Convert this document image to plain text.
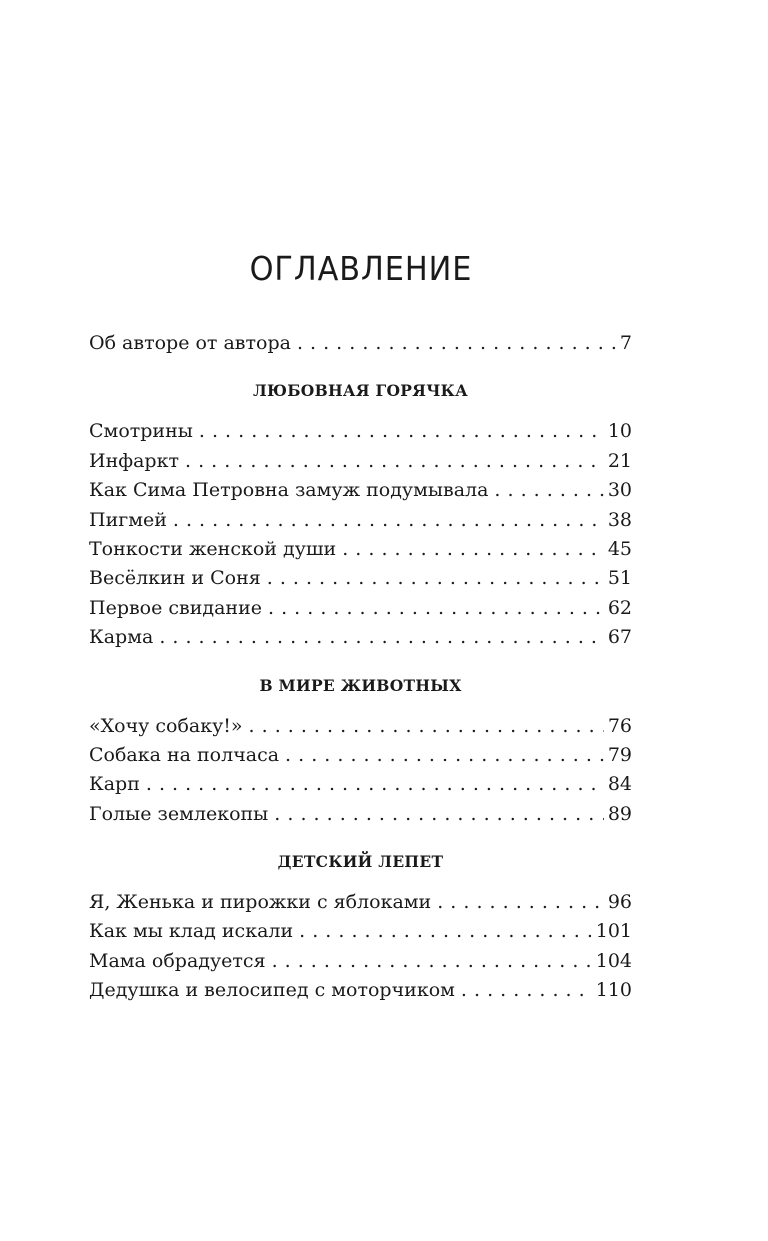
ОГЛАВЛЕНИЕ
Об авторе от автора . . .	7
ЛЮБОВНАЯ ГОРЯЧКА
Смотрины . . .	10
Инфаркт . . .	21
Как Сима Петровна замуж подумывала . . .	30
Пигмей . . .	38
Тонкости женской души . . .	45
Весёлкин и Соня . . .	51
Первое свидание . . .	62
Карма . . .	67
В МИРЕ ЖИВОТНЫХ
«Хочу собаку!» . . .	76
Собака на полчаса . . .	79
Карп . . .	84
Голые землекопы . . .	89
ДЕТСКИЙ ЛЕПЕТ
Я, Женька и пирожки с яблоками . . .	96
Как мы клад искали . . .	101
Мама обрадуется . . .	104
Дедушка и велосипед с моторчиком . . .	110
